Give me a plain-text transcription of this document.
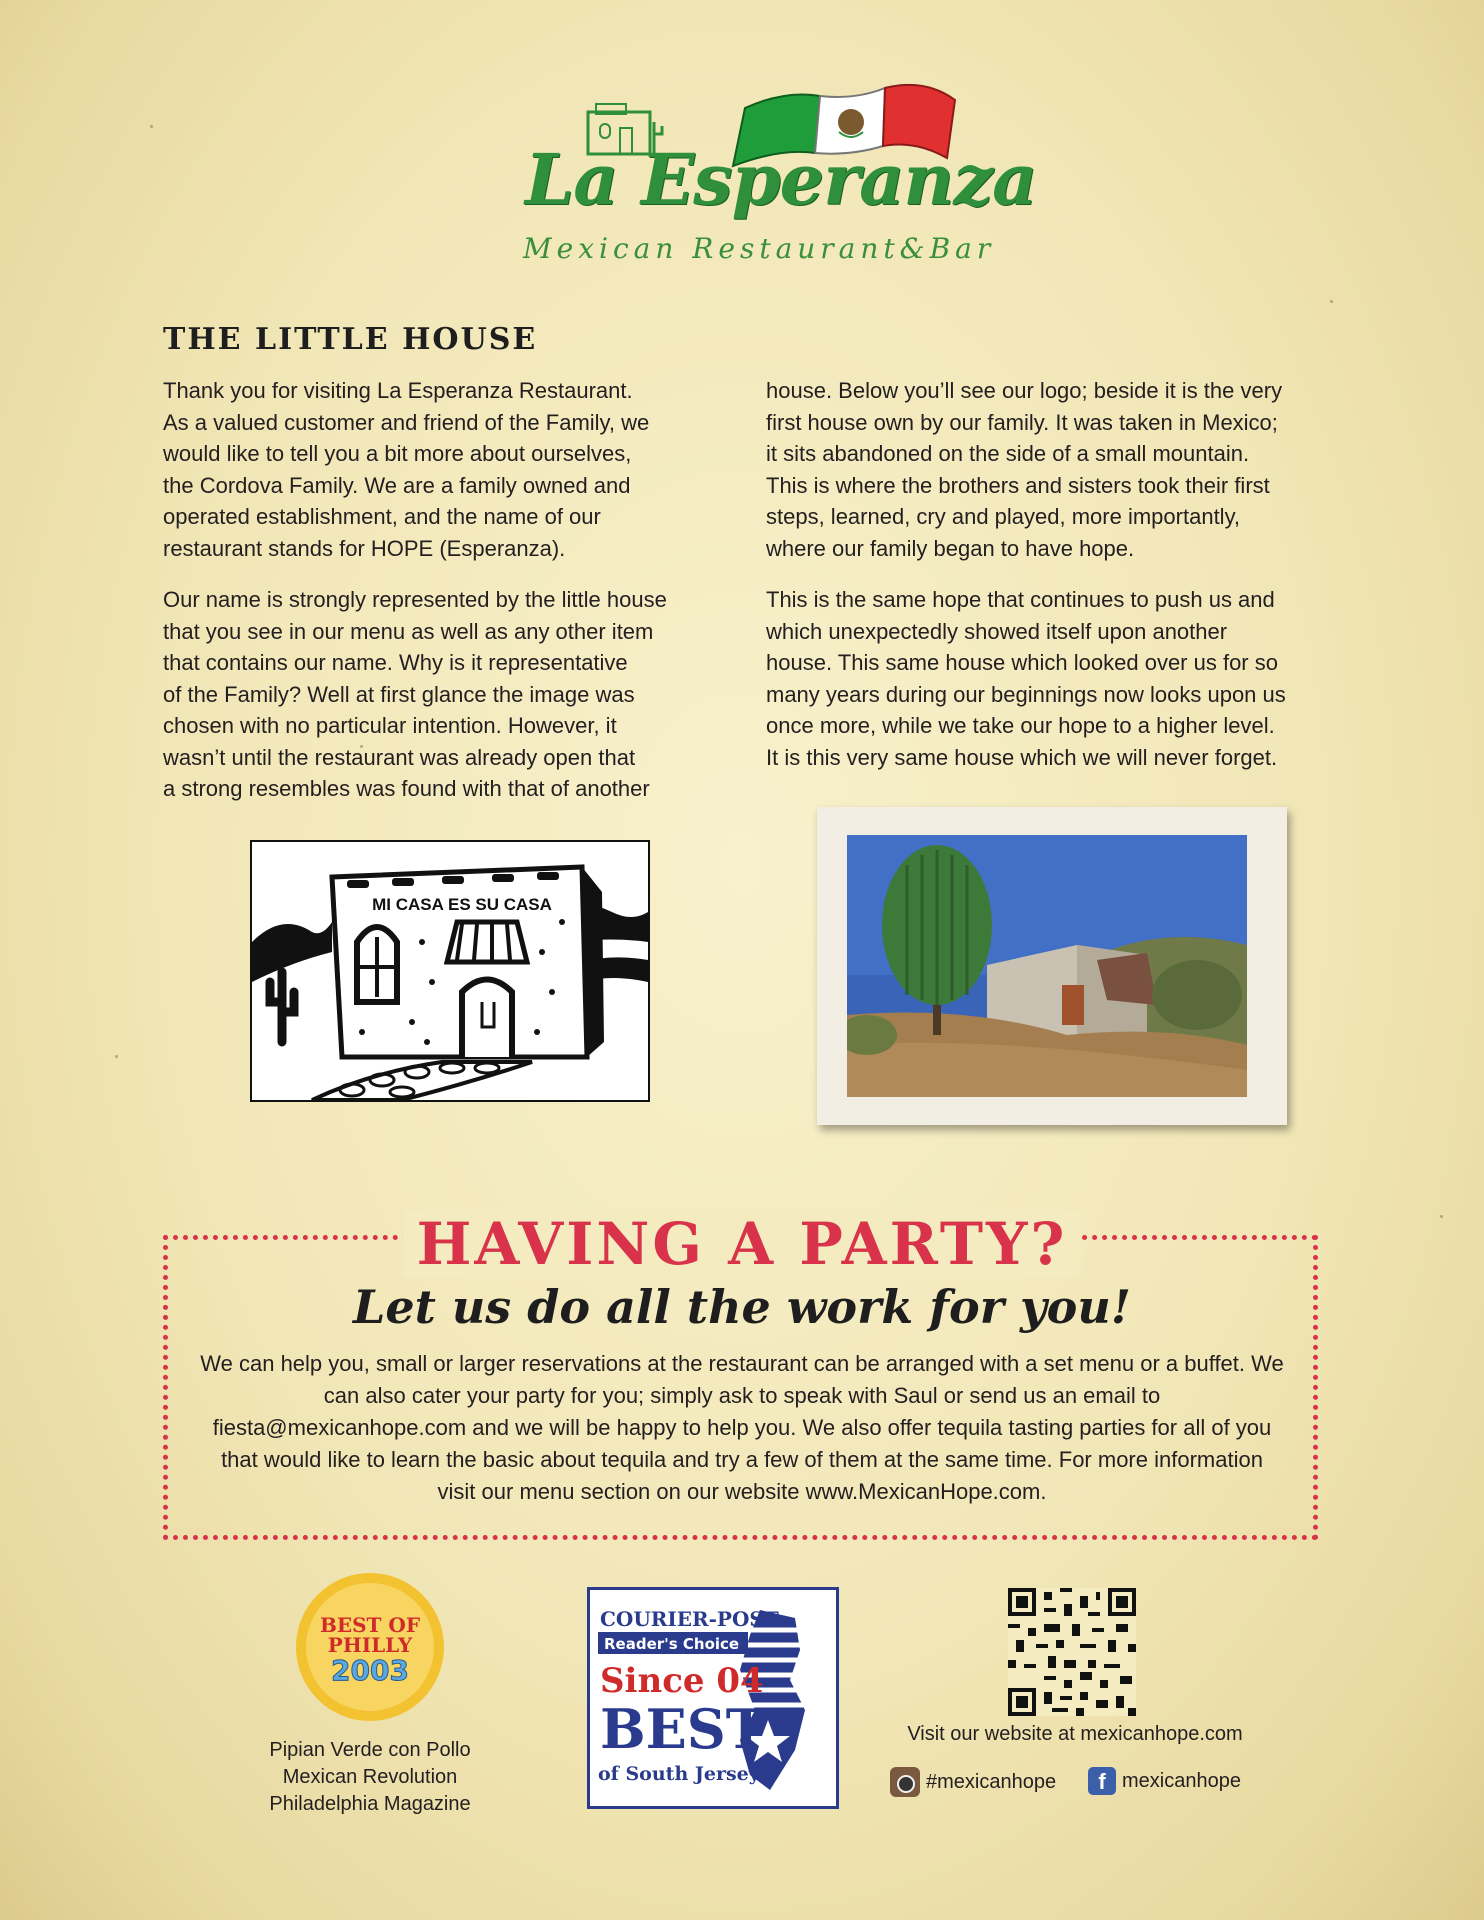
La Esperanza

Mexican Restaurant&Bar

THE LITTLE HOUSE

Thank you for visiting La Esperanza Restaurant.
As a valued customer and friend of the Family, we
would like to tell you a bit more about ourselves,
the Cordova Family. We are a family owned and
operated establishment, and the name of our
restaurant stands for HOPE (Esperanza).

Our name is strongly represented by the little house
that you see in our menu as well as any other item
that contains our name. Why is it representative
of the Family? Well at first glance the image was
chosen with no particular intention. However, it
wasn’t until the restaurant was already open that
a strong resembles was found with that of another

house. Below you’ll see our logo; beside it is the very
first house own by our family. It was taken in Mexico;
it sits abandoned on the side of a small mountain.
This is where the brothers and sisters took their first
steps, learned, cry and played, more importantly,
where our family began to have hope.

This is the same hope that continues to push us and
which unexpectedly showed itself upon another
house. This same house which looked over us for so
many years during our beginnings now looks upon us
once more, while we take our hope to a higher level.
It is this very same house which we will never forget.

MI CASA ES SU CASA
HAVING A PARTY?

Let us do all the work for you!

We can help you, small or larger reservations at the restaurant can be arranged with a set menu or a buffet. We can also cater your party for you; simply ask to speak with Saul or send us an email to fiesta@mexicanhope.com and we will be happy to help you. We also offer tequila tasting parties for all of you that would like to learn the basic about tequila and try a few of them at the same time. For more information visit our menu section on our website www.MexicanHope.com.

BEST OF
PHILLY
2003

Pipian Verde con Pollo
Mexican Revolution
Philadelphia Magazine

COURIER-POST
Reader's Choice
Since 04
BEST
of South Jersey

Visit our website at mexicanhope.com

#mexicanhope	f mexicanhope
